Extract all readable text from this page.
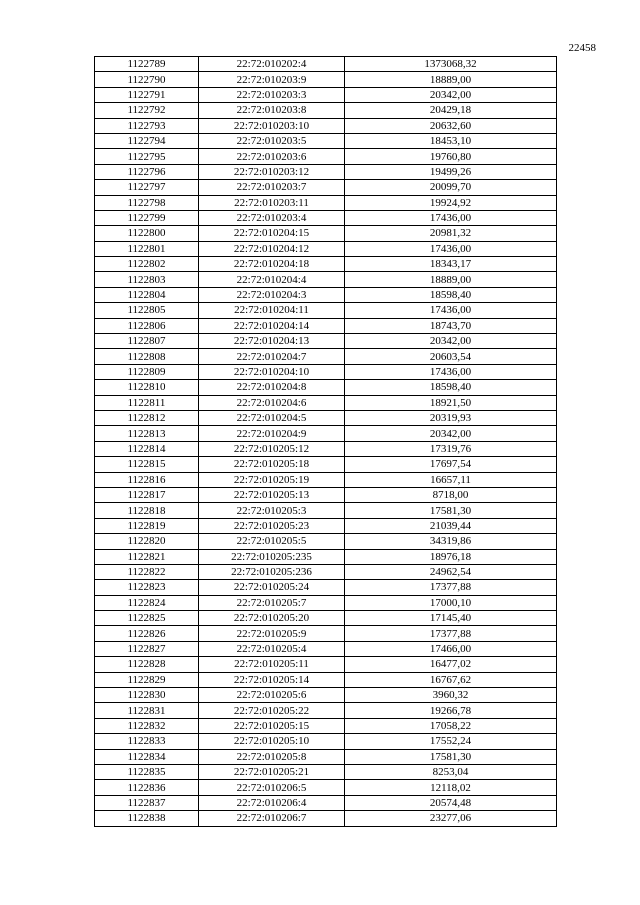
22458
1122789	22:72:010202:4	1373068,32
1122790	22:72:010203:9	18889,00
1122791	22:72:010203:3	20342,00
1122792	22:72:010203:8	20429,18
1122793	22:72:010203:10	20632,60
1122794	22:72:010203:5	18453,10
1122795	22:72:010203:6	19760,80
1122796	22:72:010203:12	19499,26
1122797	22:72:010203:7	20099,70
1122798	22:72:010203:11	19924,92
1122799	22:72:010203:4	17436,00
1122800	22:72:010204:15	20981,32
1122801	22:72:010204:12	17436,00
1122802	22:72:010204:18	18343,17
1122803	22:72:010204:4	18889,00
1122804	22:72:010204:3	18598,40
1122805	22:72:010204:11	17436,00
1122806	22:72:010204:14	18743,70
1122807	22:72:010204:13	20342,00
1122808	22:72:010204:7	20603,54
1122809	22:72:010204:10	17436,00
1122810	22:72:010204:8	18598,40
1122811	22:72:010204:6	18921,50
1122812	22:72:010204:5	20319,93
1122813	22:72:010204:9	20342,00
1122814	22:72:010205:12	17319,76
1122815	22:72:010205:18	17697,54
1122816	22:72:010205:19	16657,11
1122817	22:72:010205:13	8718,00
1122818	22:72:010205:3	17581,30
1122819	22:72:010205:23	21039,44
1122820	22:72:010205:5	34319,86
1122821	22:72:010205:235	18976,18
1122822	22:72:010205:236	24962,54
1122823	22:72:010205:24	17377,88
1122824	22:72:010205:7	17000,10
1122825	22:72:010205:20	17145,40
1122826	22:72:010205:9	17377,88
1122827	22:72:010205:4	17466,00
1122828	22:72:010205:11	16477,02
1122829	22:72:010205:14	16767,62
1122830	22:72:010205:6	3960,32
1122831	22:72:010205:22	19266,78
1122832	22:72:010205:15	17058,22
1122833	22:72:010205:10	17552,24
1122834	22:72:010205:8	17581,30
1122835	22:72:010205:21	8253,04
1122836	22:72:010206:5	12118,02
1122837	22:72:010206:4	20574,48
1122838	22:72:010206:7	23277,06
